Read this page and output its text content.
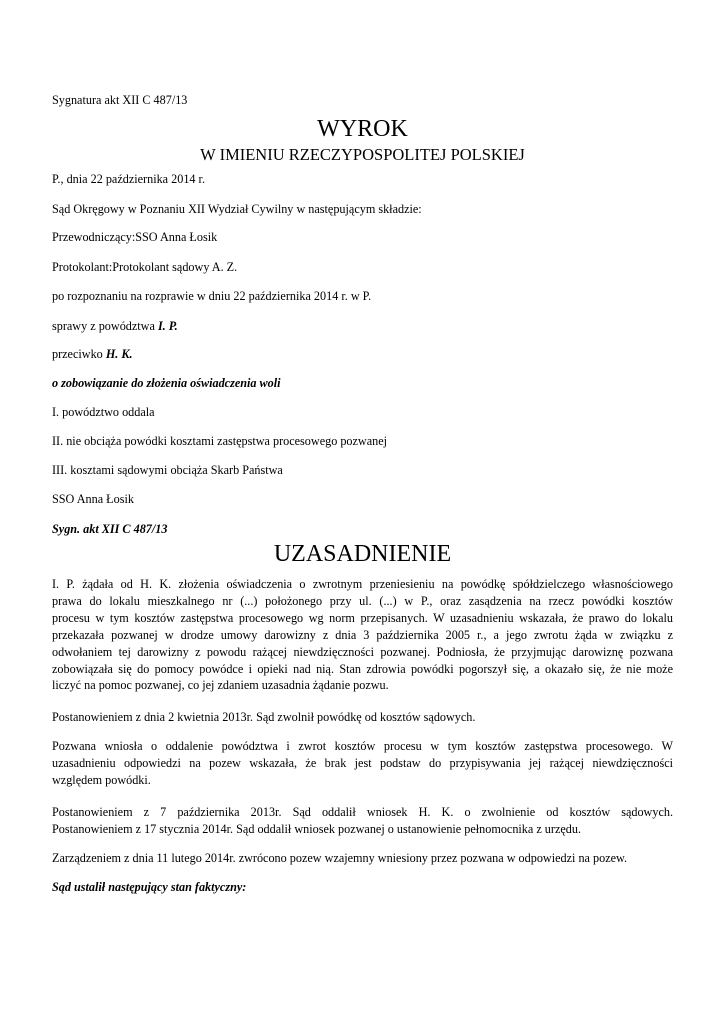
Sygnatura akt XII C 487/13
WYROK
W IMIENIU RZECZYPOSPOLITEJ POLSKIEJ
P., dnia 22 października 2014 r.
Sąd Okręgowy w Poznaniu XII Wydział Cywilny w następującym składzie:
Przewodniczący:SSO Anna Łosik
Protokolant:Protokolant sądowy A. Z.
po rozpoznaniu na rozprawie w dniu 22 października 2014 r. w P.
sprawy z powództwa I. P.
przeciwko H. K.
o zobowiązanie do złożenia oświadczenia woli
I. powództwo oddala
II. nie obciąża powódki kosztami zastępstwa procesowego pozwanej
III. kosztami sądowymi obciąża Skarb Państwa
SSO Anna Łosik
Sygn. akt XII C 487/13
UZASADNIENIE
I. P. żądała od H. K. złożenia oświadczenia o zwrotnym przeniesieniu na powódkę spółdzielczego własnościowego
prawa do lokalu mieszkalnego nr (...) położonego przy ul. (...) w P., oraz zasądzenia na rzecz powódki kosztów
procesu w tym kosztów zastępstwa procesowego wg norm przepisanych. W uzasadnieniu wskazała, że prawo do lokalu
przekazała pozwanej w drodze umowy darowizny z dnia 3 października 2005 r., a jego zwrotu żąda w związku z
odwołaniem tej darowizny z powodu rażącej niewdzięczności pozwanej. Podniosła, że przyjmując darowiznę pozwana
zobowiązała się do pomocy powódce i opieki nad nią. Stan zdrowia powódki pogorszył się, a okazało się, że nie może
liczyć na pomoc pozwanej, co jej zdaniem uzasadnia żądanie pozwu.
Postanowieniem z dnia 2 kwietnia 2013r. Sąd zwolnił powódkę od kosztów sądowych.
Pozwana wniosła o oddalenie powództwa i zwrot kosztów procesu w tym kosztów zastępstwa procesowego. W
uzasadnieniu odpowiedzi na pozew wskazała, że brak jest podstaw do przypisywania jej rażącej niewdzięczności
względem powódki.
Postanowieniem z 7 października 2013r. Sąd oddalił wniosek H. K. o zwolnienie od kosztów sądowych.
Postanowieniem z 17 stycznia 2014r. Sąd oddalił wniosek pozwanej o ustanowienie pełnomocnika z urzędu.
Zarządzeniem z dnia 11 lutego 2014r. zwrócono pozew wzajemny wniesiony przez pozwana w odpowiedzi na pozew.
Sąd ustalił następujący stan faktyczny:
